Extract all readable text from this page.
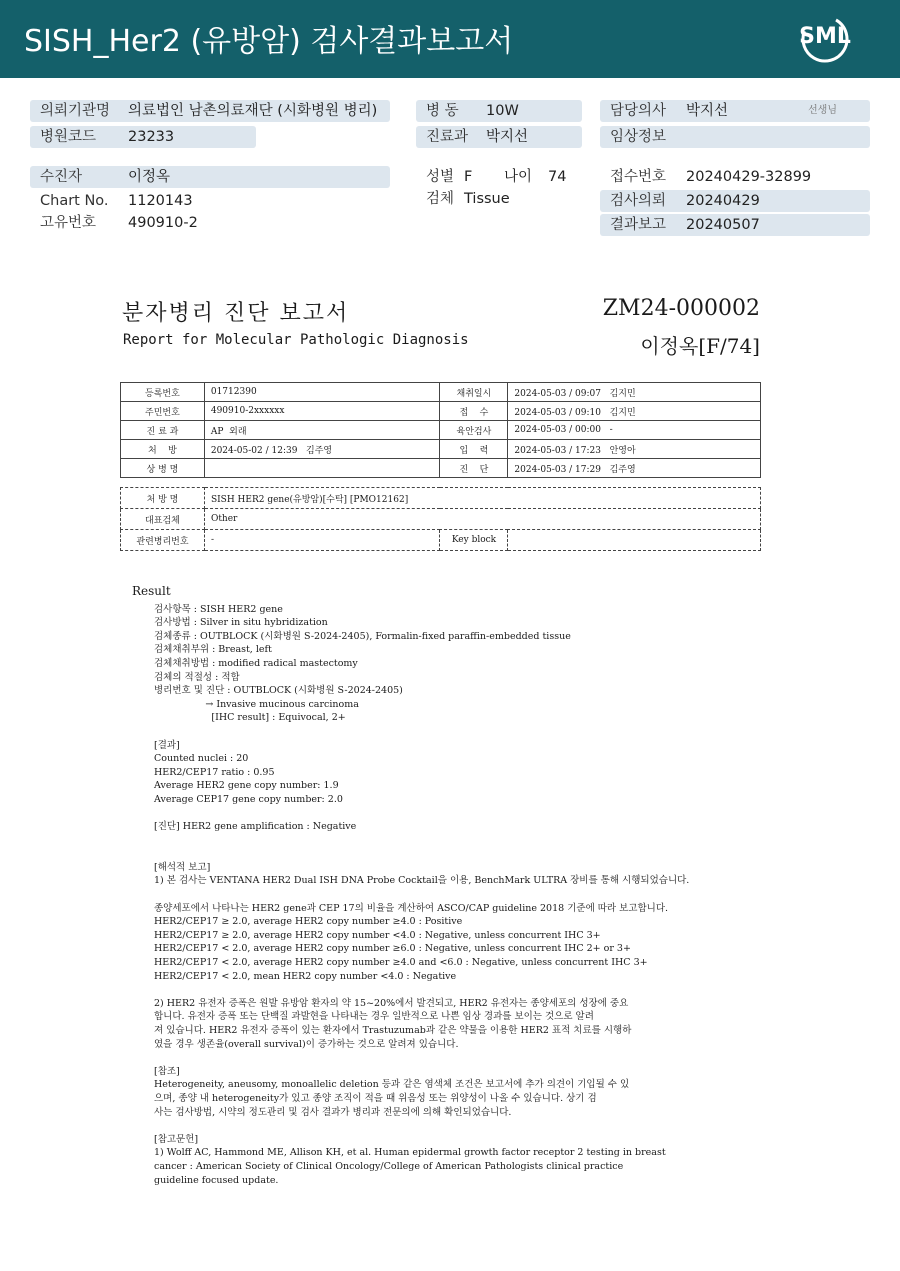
SISH_Her2 (유방암) 검사결과보고서	SML
의뢰기관명 의료법인 남촌의료재단 (시화병원 병리)
병원코드 23233
병 동 10W
진료과 박지선
담당의사 박지선	선생님
임상정보
수진자	이정옥
Chart No. 1120143
고유번호 490910-2
성별 F 나이 74
검체 Tissue
접수번호 20240429-32899
검사의뢰 20240429
결과보고 20240507
분자병리 진단 보고서
Report for Molecular Pathologic Diagnosis
ZM24-000002
이정옥[F/74]
등록번호	01712390	채취일시	2024-05-03 / 09:07   김지민
주민번호	490910-2xxxxxx	접    수	2024-05-03 / 09:10   김지민
진 료 과	AP  외래	육안검사	2024-05-03 / 00:00   -
처    방	2024-05-02 / 12:39   김주영	입    력	2024-05-03 / 17:23   안영아
상 병 명		진    단	2024-05-03 / 17:29   김주영
처 방 명	SISH HER2 gene(유방암)[수탁] [PMO12162]		
대표검체	Other		
관련병리번호	-	Key block	
Result
검사항목 : SISH HER2 gene
검사방법 : Silver in situ hybridization
검체종류 : OUTBLOCK (시화병원 S-2024-2405), Formalin-fixed paraffin-embedded tissue
검체채취부위 : Breast, left
검체채취방법 : modified radical mastectomy
검체의 적절성 : 적합
병리번호 및 진단 : OUTBLOCK (시화병원 S-2024-2405)
→ Invasive mucinous carcinoma
[IHC result] : Equivocal, 2+
[결과]
Counted nuclei : 20
HER2/CEP17 ratio : 0.95
Average HER2 gene copy number: 1.9
Average CEP17 gene copy number: 2.0
[진단] HER2 gene amplification : Negative
[해석적 보고]
1) 본 검사는 VENTANA HER2 Dual ISH DNA Probe Cocktail을 이용, BenchMark ULTRA 장비를 통해 시행되었습니다.
종양세포에서 나타나는 HER2 gene과 CEP 17의 비율을 계산하여 ASCO/CAP guideline 2018 기준에 따라 보고합니다.
HER2/CEP17 ≥ 2.0, average HER2 copy number ≥4.0 : Positive
HER2/CEP17 ≥ 2.0, average HER2 copy number <4.0 : Negative, unless concurrent IHC 3+
HER2/CEP17 < 2.0, average HER2 copy number ≥6.0 : Negative, unless concurrent IHC 2+ or 3+
HER2/CEP17 < 2.0, average HER2 copy number ≥4.0 and <6.0 : Negative, unless concurrent IHC 3+
HER2/CEP17 < 2.0, mean HER2 copy number <4.0 : Negative
2) HER2 유전자 증폭은 원발 유방암 환자의 약 15~20%에서 발견되고, HER2 유전자는 종양세포의 성장에 중요
합니다. 유전자 증폭 또는 단백질 과발현을 나타내는 경우 일반적으로 나쁜 임상 경과를 보이는 것으로 알려
져 있습니다. HER2 유전자 증폭이 있는 환자에서 Trastuzumab과 같은 약물을 이용한 HER2 표적 치료를 시행하
였을 경우 생존율(overall survival)이 증가하는 것으로 알려져 있습니다.
[참조]
Heterogeneity, aneusomy, monoallelic deletion 등과 같은 염색체 조건은 보고서에 추가 의견이 기입될 수 있
으며, 종양 내 heterogeneity가 있고 종양 조직이 적을 때 위음성 또는 위양성이 나올 수 있습니다. 상기 검
사는 검사방법, 시약의 정도관리 및 검사 결과가 병리과 전문의에 의해 확인되었습니다.
[참고문헌]
1) Wolff AC, Hammond ME, Allison KH, et al. Human epidermal growth factor receptor 2 testing in breast
cancer : American Society of Clinical Oncology/College of American Pathologists clinical practice
guideline focused update.
